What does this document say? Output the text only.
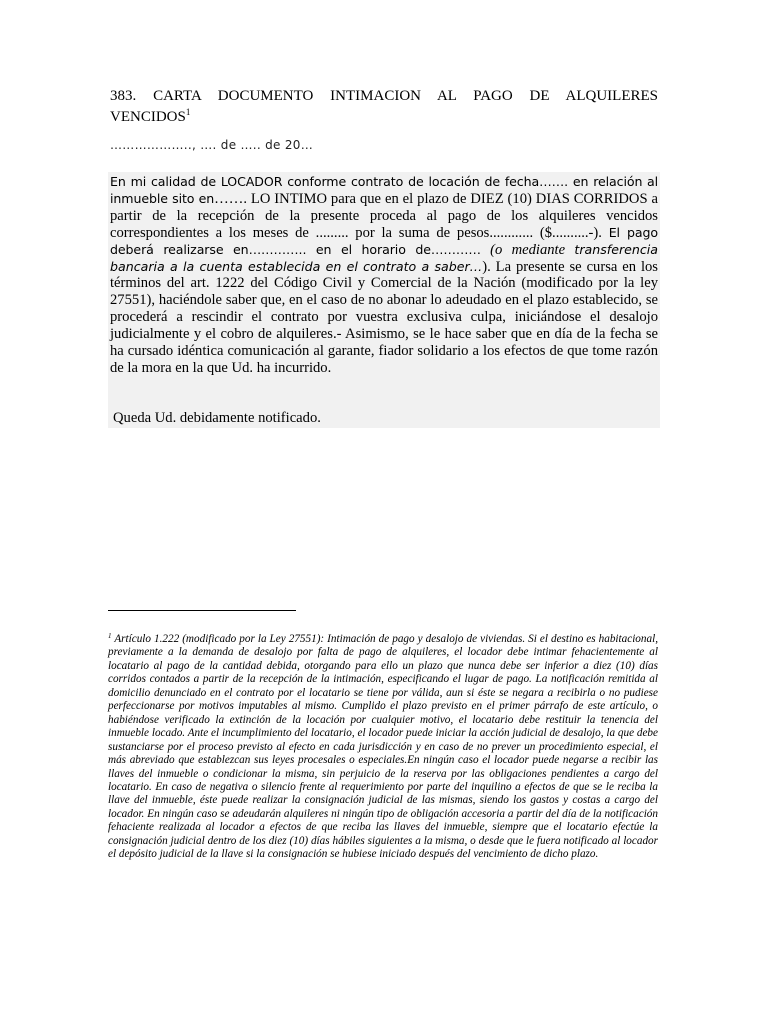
383. CARTA DOCUMENTO INTIMACION AL PAGO DE ALQUILERES
VENCIDOS$^1$
……………….., …. de ….. de 20…
En mi calidad de LOCADOR conforme contrato de locación de fecha……. en relación al inmueble sito en……. LO INTIMO para que en el plazo de DIEZ (10) DIAS CORRIDOS a partir de la recepción de la presente proceda al pago de los alquileres vencidos correspondientes a los meses de ......... por la suma de pesos............ ($..........-). El pago deberá realizarse en………….. en el horario de………… (o mediante transferencia bancaria a la cuenta establecida en el contrato a saber…). La presente se cursa en los términos del art. 1222 del Código Civil y Comercial de la Nación (modificado por la ley 27551), haciéndole saber que, en el caso de no abonar lo adeudado en el plazo establecido, se procederá a rescindir el contrato por vuestra exclusiva culpa, iniciándose el desalojo judicialmente y el cobro de alquileres.- Asimismo, se le hace saber que en día de la fecha se ha cursado idéntica comunicación al garante, fiador solidario a los efectos de que tome razón de la mora en la que Ud. ha incurrido.
Queda Ud. debidamente notificado.
$^1$ Artículo 1.222 (modificado por la Ley 27551): Intimación de pago y desalojo de viviendas. Si el destino es habitacional, previamente a la demanda de desalojo por falta de pago de alquileres, el locador debe intimar fehacientemente al locatario al pago de la cantidad debida, otorgando para ello un plazo que nunca debe ser inferior a diez (10) días corridos contados a partir de la recepción de la intimación, especificando el lugar de pago. La notificación remitida al domicilio denunciado en el contrato por el locatario se tiene por válida, aun si éste se negara a recibirla o no pudiese perfeccionarse por motivos imputables al mismo. Cumplido el plazo previsto en el primer párrafo de este artículo, o habiéndose verificado la extinción de la locación por cualquier motivo, el locatario debe restituir la tenencia del inmueble locado. Ante el incumplimiento del locatario, el locador puede iniciar la acción judicial de desalojo, la que debe sustanciarse por el proceso previsto al efecto en cada jurisdicción y en caso de no prever un procedimiento especial, el más abreviado que establezcan sus leyes procesales o especiales.En ningún caso el locador puede negarse a recibir las llaves del inmueble o condicionar la misma, sin perjuicio de la reserva por las obligaciones pendientes a cargo del locatario. En caso de negativa o silencio frente al requerimiento por parte del inquilino a efectos de que se le reciba la llave del inmueble, éste puede realizar la consignación judicial de las mismas, siendo los gastos y costas a cargo del locador. En ningún caso se adeudarán alquileres ni ningún tipo de obligación accesoria a partir del día de la notificación fehaciente realizada al locador a efectos de que reciba las llaves del inmueble, siempre que el locatario efectúe la consignación judicial dentro de los diez (10) días hábiles siguientes a la misma, o desde que le fuera notificado al locador el depósito judicial de la llave si la consignación se hubiese iniciado después del vencimiento de dicho plazo.
